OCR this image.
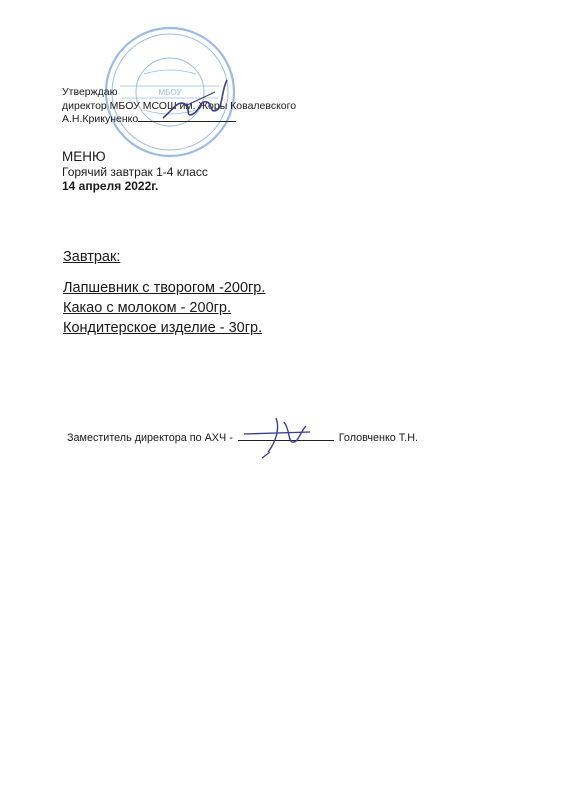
МБОУ
Утверждаю
директор МБОУ МСОШ им. Жоры Ковалевского
А.Н.Крикуненко
МЕНЮ
Горячий завтрак 1-4 класс
14 апреля 2022г.
Завтрак:
Лапшевник с творогом -200гр.
Какао с молоком - 200гр.
Кондитерское изделие - 30гр.
Заместитель директора по АХЧ -	Головченко Т.Н.
